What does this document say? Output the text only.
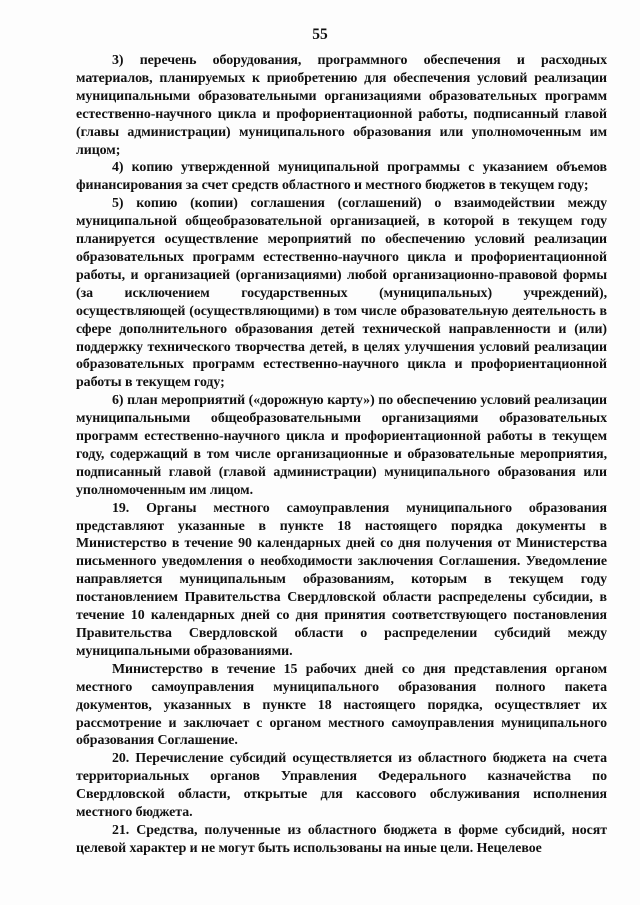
55

3) перечень оборудования, программного обеспечения и расходных материалов, планируемых к приобретению для обеспечения условий реализации муниципальными образовательными организациями образовательных программ естественно-научного цикла и профориентационной работы, подписанный главой (главы администрации) муниципального образования или уполномоченным им лицом;

4) копию утвержденной муниципальной программы с указанием объемов финансирования за счет средств областного и местного бюджетов в текущем году;

5) копию (копии) соглашения (соглашений) о взаимодействии между муниципальной общеобразовательной организацией, в которой в текущем году планируется осуществление мероприятий по обеспечению условий реализации образовательных программ естественно-научного цикла и профориентационной работы, и организацией (организациями) любой организационно-правовой формы (за исключением государственных (муниципальных) учреждений), осуществляющей (осуществляющими) в том числе образовательную деятельность в сфере дополнительного образования детей технической направленности и (или) поддержку технического творчества детей, в целях улучшения условий реализации образовательных программ естественно-научного цикла и профориентационной работы в текущем году;

6) план мероприятий («дорожную карту») по обеспечению условий реализации муниципальными общеобразовательными организациями образовательных программ естественно-научного цикла и профориентационной работы в текущем году, содержащий в том числе организационные и образовательные мероприятия, подписанный главой (главой администрации) муниципального образования или уполномоченным им лицом.

19. Органы местного самоуправления муниципального образования представляют указанные в пункте 18 настоящего порядка документы в Министерство в течение 90 календарных дней со дня получения от Министерства письменного уведомления о необходимости заключения Соглашения. Уведомление направляется муниципальным образованиям, которым в текущем году постановлением Правительства Свердловской области распределены субсидии, в течение 10 календарных дней со дня принятия соответствующего постановления Правительства Свердловской области о распределении субсидий между муниципальными образованиями.

Министерство в течение 15 рабочих дней со дня представления органом местного самоуправления муниципального образования полного пакета документов, указанных в пункте 18 настоящего порядка, осуществляет их рассмотрение и заключает с органом местного самоуправления муниципального образования Соглашение.

20. Перечисление субсидий осуществляется из областного бюджета на счета территориальных органов Управления Федерального казначейства по Свердловской области, открытые для кассового обслуживания исполнения местного бюджета.

21. Средства, полученные из областного бюджета в форме субсидий, носят целевой характер и не могут быть использованы на иные цели. Нецелевое
